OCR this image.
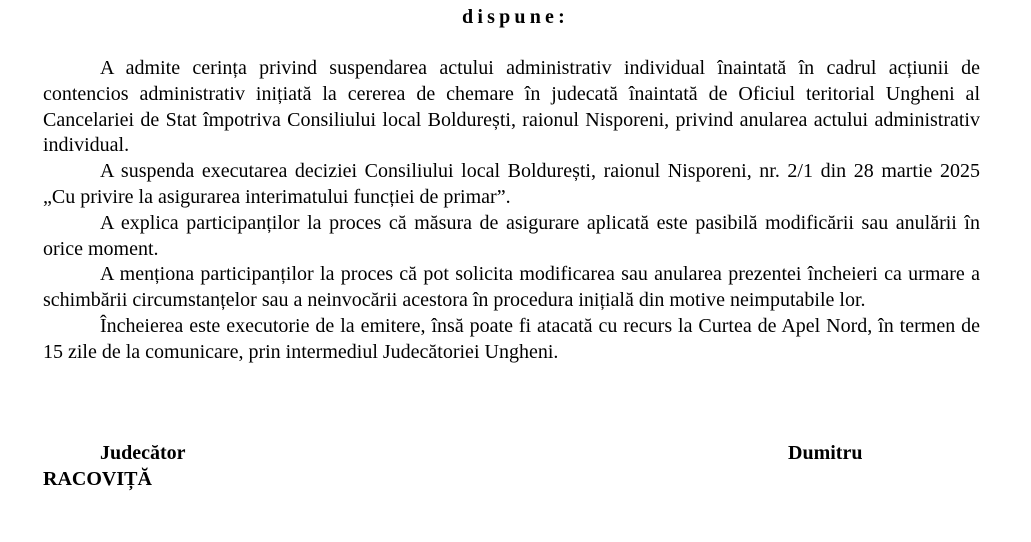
dispune:

A admite cerința privind suspendarea actului administrativ individual înaintată în cadrul acțiunii de contencios administrativ inițiată la cererea de chemare în judecată înaintată de Oficiul teritorial Ungheni al Cancelariei de Stat împotriva Consiliului local Boldurești, raionul Nisporeni, privind anularea actului administrativ individual.

A suspenda executarea deciziei Consiliului local Boldurești, raionul Nisporeni, nr. 2/1 din 28 martie 2025 „Cu privire la asigurarea interimatului funcției de primar”.

A explica participanților la proces că măsura de asigurare aplicată este pasibilă modificării sau anulării în orice moment.

A menționa participanților la proces că pot solicita modificarea sau anularea prezentei încheieri ca urmare a schimbării circumstanțelor sau a neinvocării acestora în procedura inițială din motive neimputabile lor.

Încheierea este executorie de la emitere, însă poate fi atacată cu recurs la Curtea de Apel Nord, în termen de 15 zile de la comunicare, prin intermediul Judecătoriei Ungheni.

Judecător	Dumitru
RACOVIȚĂ
